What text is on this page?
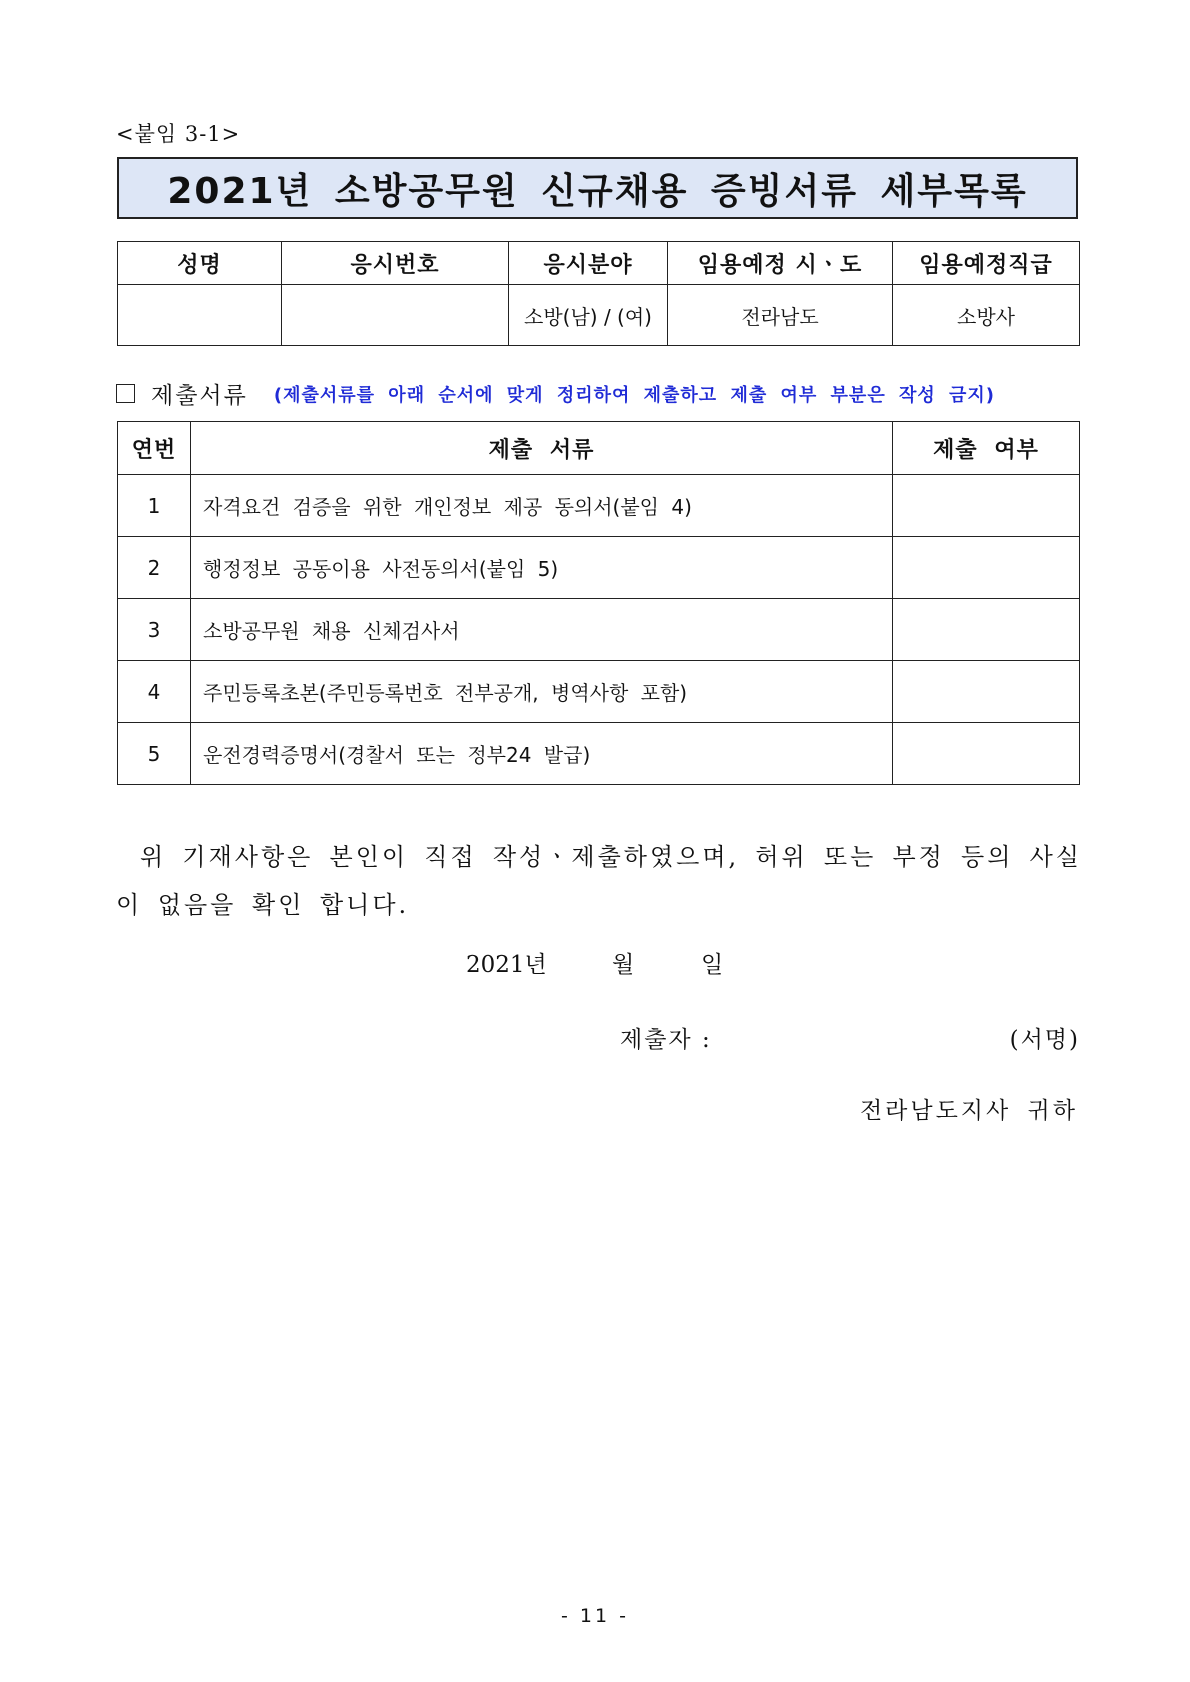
<붙임 3-1>
2021년 소방공무원 신규채용 증빙서류 세부목록
성명	응시번호	응시분야	임용예정 시ㆍ도	임용예정직급
		소방(남) / (여)	전라남도	소방사
제출서류 (제출서류를 아래 순서에 맞게 정리하여 제출하고 제출 여부 부분은 작성 금지)
연번	제출 서류	제출 여부
1	자격요건 검증을 위한 개인정보 제공 동의서(붙임 4)	
2	행정정보 공동이용 사전동의서(붙임 5)	
3	소방공무원 채용 신체검사서	
4	주민등록초본(주민등록번호 전부공개, 병역사항 포함)	
5	운전경력증명서(경찰서 또는 정부24 발급)	
위 기재사항은 본인이 직접 작성ㆍ제출하였으며, 허위 또는 부정 등의 사실이 없음을 확인 합니다.
2021년	월	일
제출자 :	(서명)
전라남도지사 귀하
- 11 -
